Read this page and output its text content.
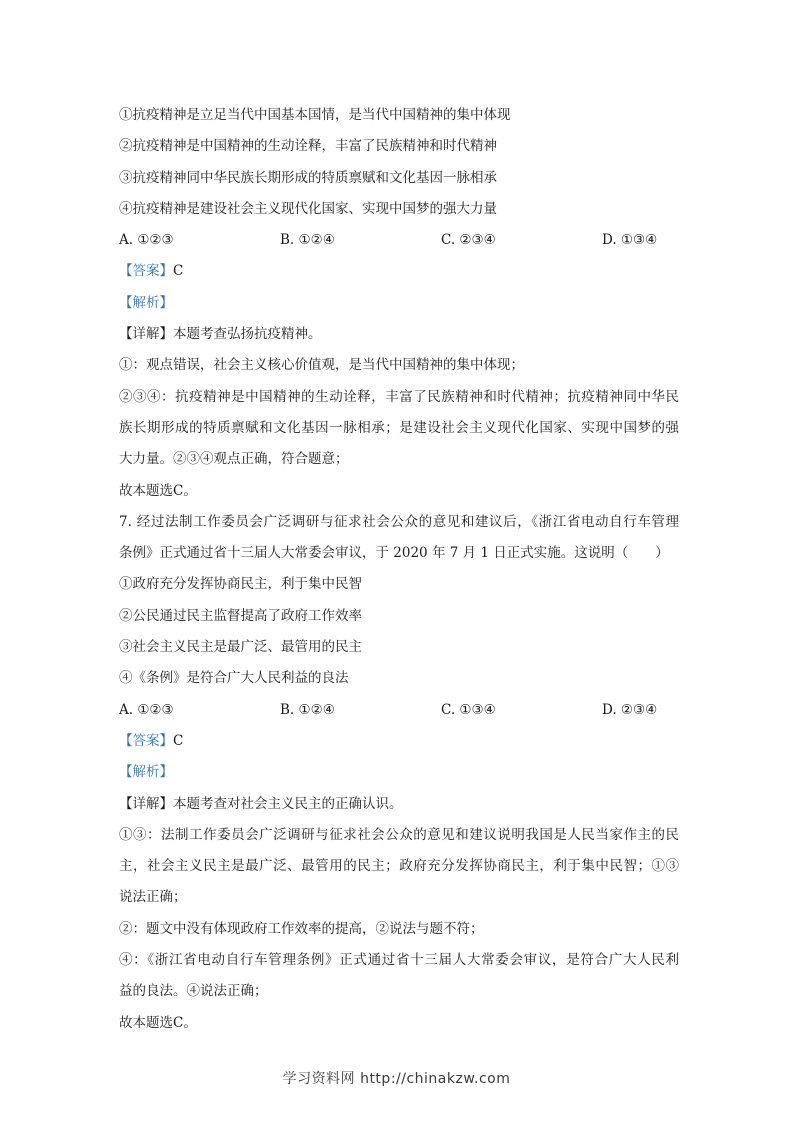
①抗疫精神是立足当代中国基本国情，是当代中国精神的集中体现
②抗疫精神是中国精神的生动诠释，丰富了民族精神和时代精神
③抗疫精神同中华民族长期形成的特质禀赋和文化基因一脉相承
④抗疫精神是建设社会主义现代化国家、实现中国梦的强大力量
A. ①②③	B. ①②④	C. ②③④	D. ①③④
【答案】C
【解析】
【详解】本题考查弘扬抗疫精神。
①：观点错误，社会主义核心价值观，是当代中国精神的集中体现；
②③④：抗疫精神是中国精神的生动诠释，丰富了民族精神和时代精神；抗疫精神同中华民
族长期形成的特质禀赋和文化基因一脉相承；是建设社会主义现代化国家、实现中国梦的强
大力量。②③④观点正确，符合题意；
故本题选C。
7. 经过法制工作委员会广泛调研与征求社会公众的意见和建议后，《浙江省电动自行车管理
条例》正式通过省十三届人大常委会审议，于 2020 年 7 月 1 日正式实施。这说明（　　）
①政府充分发挥协商民主，利于集中民智
②公民通过民主监督提高了政府工作效率
③社会主义民主是最广泛、最管用的民主
④《条例》是符合广大人民利益的良法
A. ①②③	B. ①②④	C. ①③④	D. ②③④
【答案】C
【解析】
【详解】本题考查对社会主义民主的正确认识。
①③：法制工作委员会广泛调研与征求社会公众的意见和建议说明我国是人民当家作主的民
主，社会主义民主是最广泛、最管用的民主；政府充分发挥协商民主，利于集中民智；①③
说法正确；
②：题文中没有体现政府工作效率的提高，②说法与题不符；
④：《浙江省电动自行车管理条例》正式通过省十三届人大常委会审议，是符合广大人民利
益的良法。④说法正确；
故本题选C。
学习资料网 http://chinakzw.com
